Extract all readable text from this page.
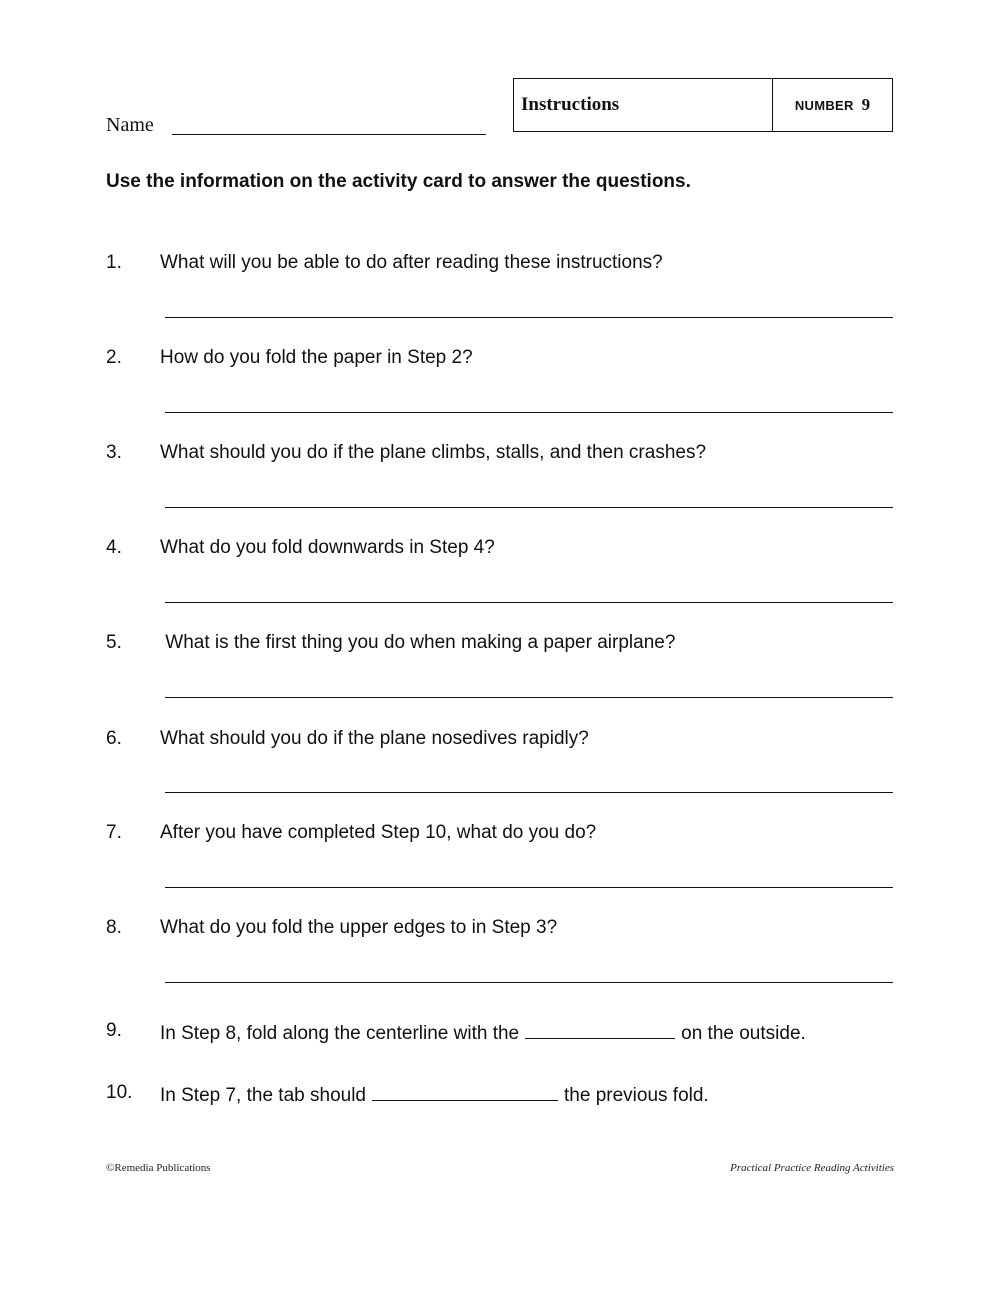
Name
Instructions	NUMBER 9
Use the information on the activity card to answer the questions.
1. What will you be able to do after reading these instructions?
2. How do you fold the paper in Step 2?
3. What should you do if the plane climbs, stalls, and then crashes?
4. What do you fold downwards in Step 4?
5. What is the first thing you do when making a paper airplane?
6. What should you do if the plane nosedives rapidly?
7. After you have completed Step 10, what do you do?
8. What do you fold the upper edges to in Step 3?
9. In Step 8, fold along the centerline with the	on the outside.
10. In Step 7, the tab should	the previous fold.
©Remedia Publications	Practical Practice Reading Activities
